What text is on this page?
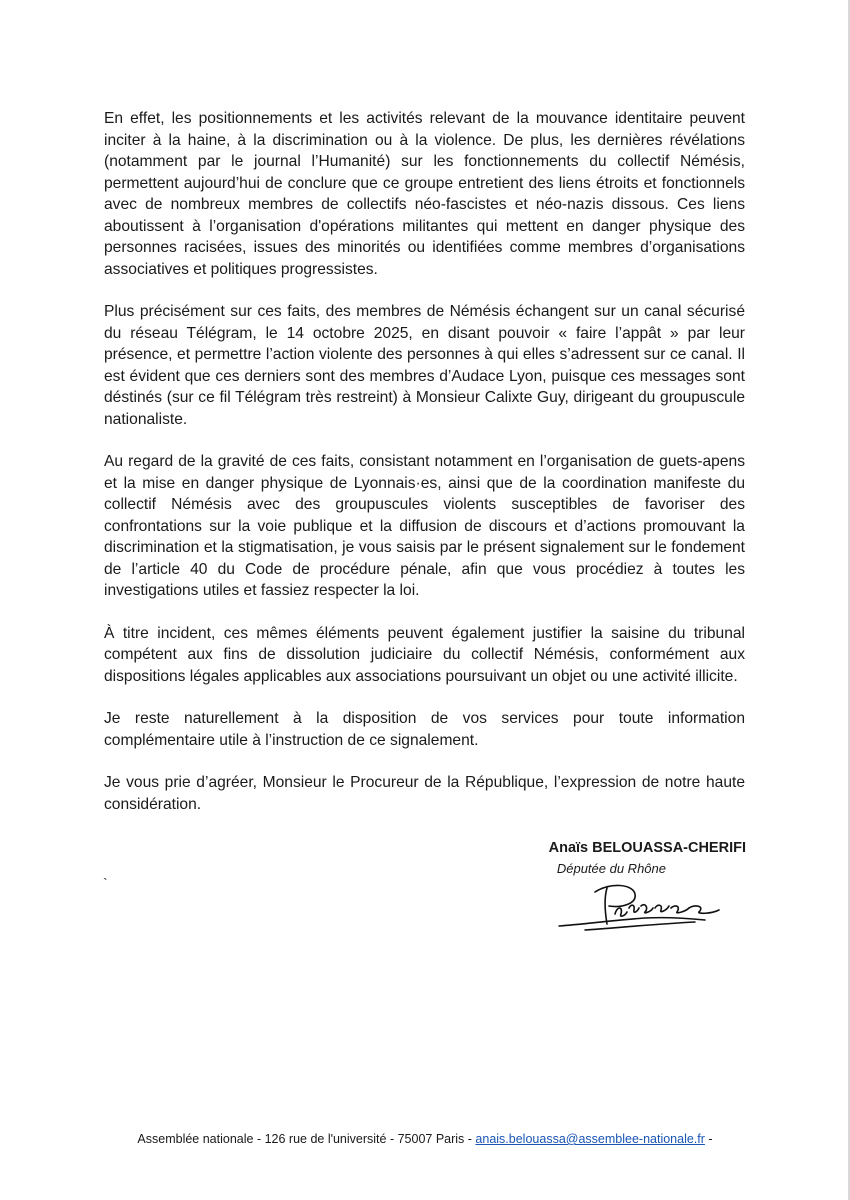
En effet, les positionnements et les activités relevant de la mouvance identitaire peuvent inciter à la haine, à la discrimination ou à la violence. De plus, les dernières révélations (notamment par le journal l’Humanité) sur les fonctionnements du collectif Némésis, permettent aujourd’hui de conclure que ce groupe entretient des liens étroits et fonctionnels avec de nombreux membres de collectifs néo-fascistes et néo-nazis dissous. Ces liens aboutissent à l’organisation d'opérations militantes qui mettent en danger physique des personnes racisées, issues des minorités ou identifiées comme membres d’organisations associatives et politiques progressistes.

Plus précisément sur ces faits, des membres de Némésis échangent sur un canal sécurisé du réseau Télégram, le 14 octobre 2025, en disant pouvoir « faire l’appât » par leur présence, et permettre l’action violente des personnes à qui elles s’adressent sur ce canal. Il est évident que ces derniers sont des membres d’Audace Lyon, puisque ces messages sont déstinés (sur ce fil Télégram très restreint) à Monsieur Calixte Guy, dirigeant du groupuscule nationaliste.

Au regard de la gravité de ces faits, consistant notamment en l’organisation de guets-apens et la mise en danger physique de Lyonnais·es, ainsi que de la coordination manifeste du collectif Némésis avec des groupuscules violents susceptibles de favoriser des confrontations sur la voie publique et la diffusion de discours et d’actions promouvant la discrimination et la stigmatisation, je vous saisis par le présent signalement sur le fondement de l’article 40 du Code de procédure pénale, afin que vous procédiez à toutes les investigations utiles et fassiez respecter la loi.

À titre incident, ces mêmes éléments peuvent également justifier la saisine du tribunal compétent aux fins de dissolution judiciaire du collectif Némésis, conformément aux dispositions légales applicables aux associations poursuivant un objet ou une activité illicite.

Je reste naturellement à la disposition de vos services pour toute information complémentaire utile à l’instruction de ce signalement.

Je vous prie d’agréer, Monsieur le Procureur de la République, l’expression de notre haute considération.

Anaïs BELOUASSA-CHERIFI
Députée du Rhône
`
Assemblée nationale - 126 rue de l'université - 75007 Paris - anais.belouassa@assemblee-nationale.fr -
